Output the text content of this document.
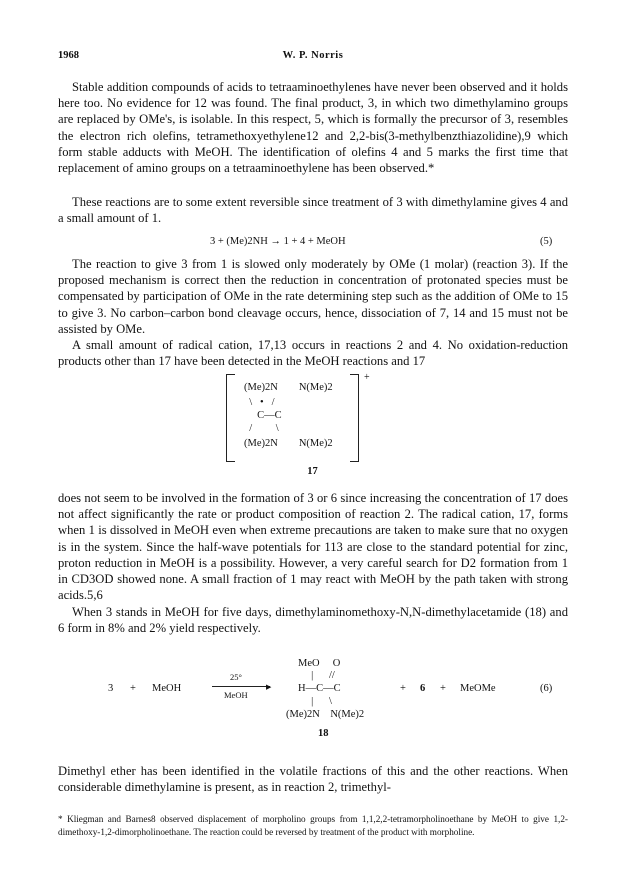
1968	W. P. Norris

Stable addition compounds of acids to tetraaminoethylenes have never been observed and it holds here too. No evidence for 12 was found. The final product, 3, in which two dimethylamino groups are replaced by OMe's, is isolable. In this respect, 5, which is formally the precursor of 3, resembles the electron rich olefins, tetramethoxyethylene12 and 2,2-bis(3-methylbenzthiazolidine),9 which form stable adducts with MeOH. The identification of olefins 4 and 5 marks the first time that replacement of amino groups on a tetraaminoethylene has been observed.*

These reactions are to some extent reversible since treatment of 3 with dimethylamine gives 4 and a small amount of 1.

3 + (Me)2NH → 1 + 4 + MeOH	(5)

The reaction to give 3 from 1 is slowed only moderately by OMe (1 molar) (reaction 3). If the proposed mechanism is correct then the reduction in concentration of protonated species must be compensated by participation of OMe in the rate determining step such as the addition of OMe to 15 to give 3. No carbon–carbon bond cleavage occurs, hence, dissociation of 7, 14 and 15 must not be assisted by OMe.

A small amount of radical cation, 17,13 occurs in reactions 2 and 4. No oxidation-reduction products other than 17 have been detected in the MeOH reactions and 17

(Me)2N        N(Me)2
\   •   /
C—C
/         \
(Me)2N        N(Me)2
+
17

does not seem to be involved in the formation of 3 or 6 since increasing the concentration of 17 does not affect significantly the rate or product composition of reaction 2. The radical cation, 17, forms when 1 is dissolved in MeOH even when extreme precautions are taken to make sure that no oxygen is in the system. Since the half-wave potentials for 113 are close to the standard potential for zinc, proton reduction in MeOH is a possibility. However, a very careful search for D2 formation from 1 in CD3OD showed none. A small fraction of 1 may react with MeOH by the path taken with strong acids.5,6

When 3 stands in MeOH for five days, dimethylaminomethoxy-N,N-dimethylacetamide (18) and 6 form in 8% and 2% yield respectively.

3 + MeOH
25°
▶
MeOH
MeO     O
|      //
H—C—C
|      \
(Me)2N    N(Me)2
18
+ 6 + MeOMe	(6)

Dimethyl ether has been identified in the volatile fractions of this and the other reactions. When considerable dimethylamine is present, as in reaction 2, trimethyl-

* Kliegman and Barnes8 observed displacement of morpholino groups from 1,1,2,2-tetramorpholinoethane by MeOH to give 1,2-dimethoxy-1,2-dimorpholinoethane. The reaction could be reversed by treatment of the product with morpholine.
